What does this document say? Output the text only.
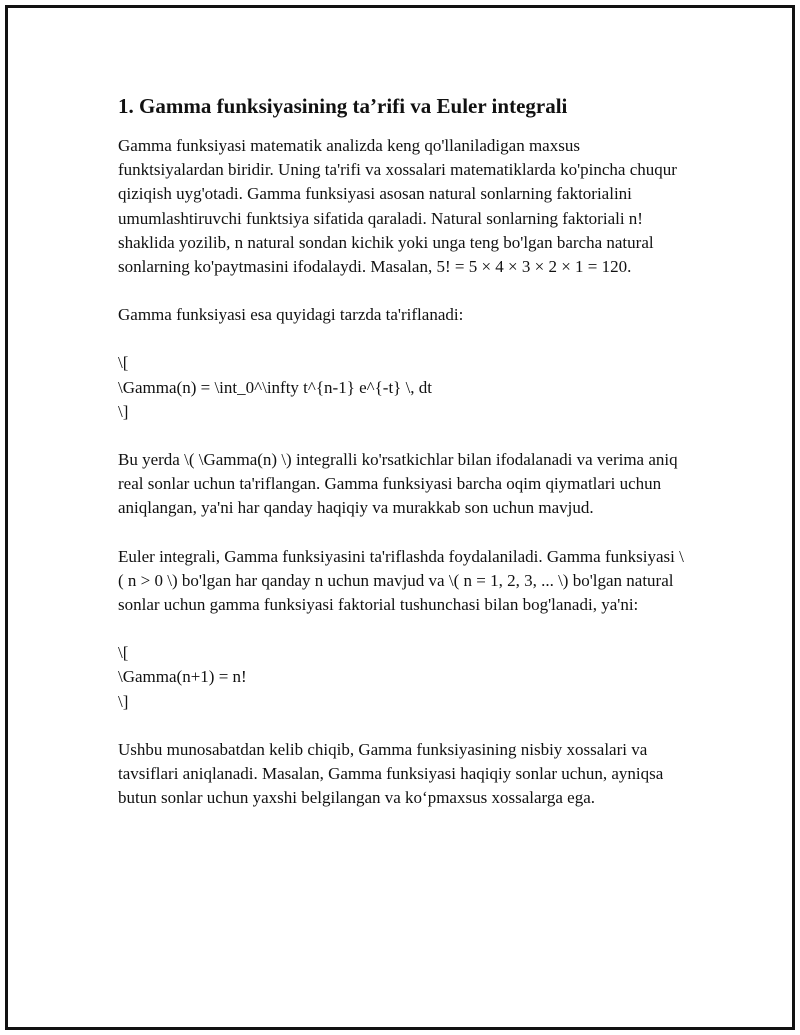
1. Gamma funksiyasining ta’rifi va Euler integrali

Gamma funksiyasi matematik analizda keng qo'llaniladigan maxsus funktsiyalardan biridir. Uning ta'rifi va xossalari matematiklarda ko'pincha chuqur qiziqish uyg'otadi. Gamma funksiyasi asosan natural sonlarning faktorialini umumlashtiruvchi funktsiya sifatida qaraladi. Natural sonlarning faktoriali n! shaklida yozilib, n natural sondan kichik yoki unga teng bo'lgan barcha natural sonlarning ko'paytmasini ifodalaydi. Masalan, 5! = 5 × 4 × 3 × 2 × 1 = 120.

Gamma funksiyasi esa quyidagi tarzda ta'riflanadi:

\[
\Gamma(n) = \int_0^\infty t^{n-1} e^{-t} \, dt
\]

Bu yerda \( \Gamma(n) \) integralli ko'rsatkichlar bilan ifodalanadi va verima aniq real sonlar uchun ta'riflangan. Gamma funksiyasi barcha oqim qiymatlari uchun aniqlangan, ya'ni har qanday haqiqiy va murakkab son uchun mavjud.

Euler integrali, Gamma funksiyasini ta'riflashda foydalaniladi. Gamma funksiyasi \( n > 0 \) bo'lgan har qanday n uchun mavjud va \( n = 1, 2, 3, ... \) bo'lgan natural sonlar uchun gamma funksiyasi faktorial tushunchasi bilan bog'lanadi, ya'ni:

\[
\Gamma(n+1) = n!
\]

Ushbu munosabatdan kelib chiqib, Gamma funksiyasining nisbiy xossalari va tavsiflari aniqlanadi. Masalan, Gamma funksiyasi haqiqiy sonlar uchun, ayniqsa butun sonlar uchun yaxshi belgilangan va ko‘pmaxsus xossalarga ega.
